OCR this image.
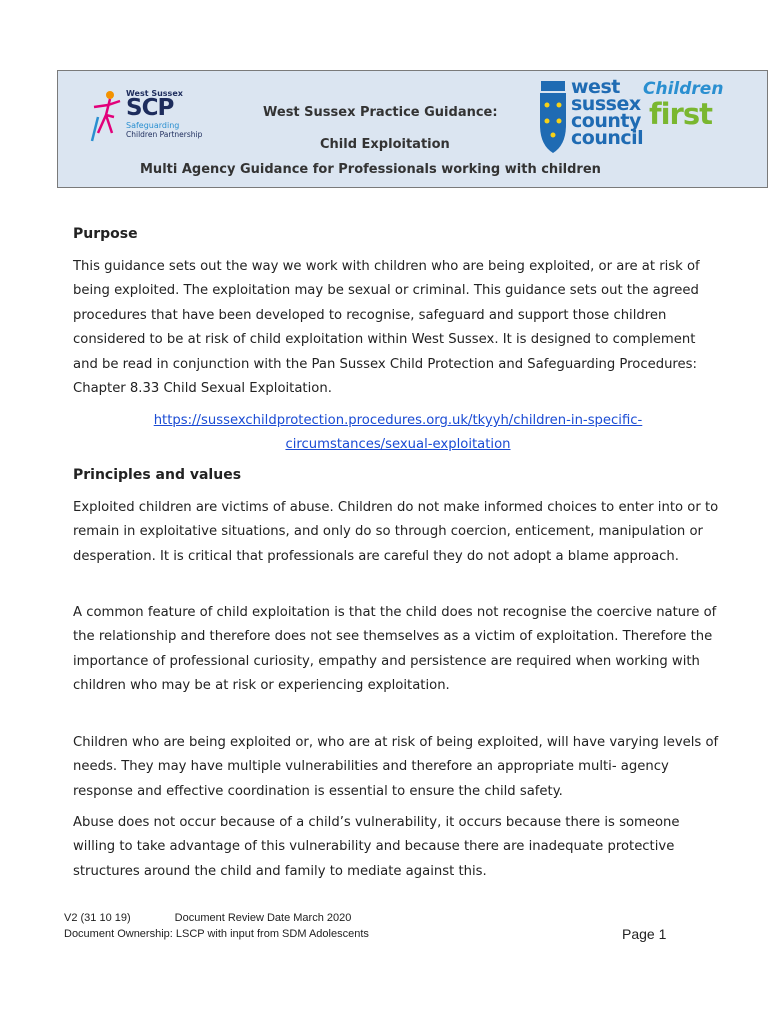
West Sussex
SCP
Safeguarding
Children Partnership
West Sussex Practice Guidance:
Child Exploitation
Multi Agency Guidance for Professionals working with children
west
sussex
county
council
Children
first
Purpose

This guidance sets out the way we work with children who are being exploited, or are at risk of being exploited. The exploitation may be sexual or criminal. This guidance sets out the agreed procedures that have been developed to recognise, safeguard and support those children considered to be at risk of child exploitation within West Sussex. It is designed to complement and be read in conjunction with the Pan Sussex Child Protection and Safeguarding Procedures: Chapter 8.33 Child Sexual Exploitation.

https://sussexchildprotection.procedures.org.uk/tkyyh/children-in-specific-
circumstances/sexual-exploitation
Principles and values

Exploited children are victims of abuse. Children do not make informed choices to enter into or to remain in exploitative situations, and only do so through coercion, enticement, manipulation or desperation. It is critical that professionals are careful they do not adopt a blame approach.

A common feature of child exploitation is that the child does not recognise the coercive nature of the relationship and therefore does not see themselves as a victim of exploitation. Therefore the importance of professional curiosity, empathy and persistence are required when working with children who may be at risk or experiencing exploitation.

Children who are being exploited or, who are at risk of being exploited, will have varying levels of needs. They may have multiple vulnerabilities and therefore an appropriate multi- agency response and effective coordination is essential to ensure the child safety.

Abuse does not occur because of a child’s vulnerability, it occurs because there is someone willing to take advantage of this vulnerability and because there are inadequate protective structures around the child and family to mediate against this.

V2 (31 10 19)	Document Review Date March 2020
Document Ownership: LSCP with input from SDM Adolescents	Page 1
